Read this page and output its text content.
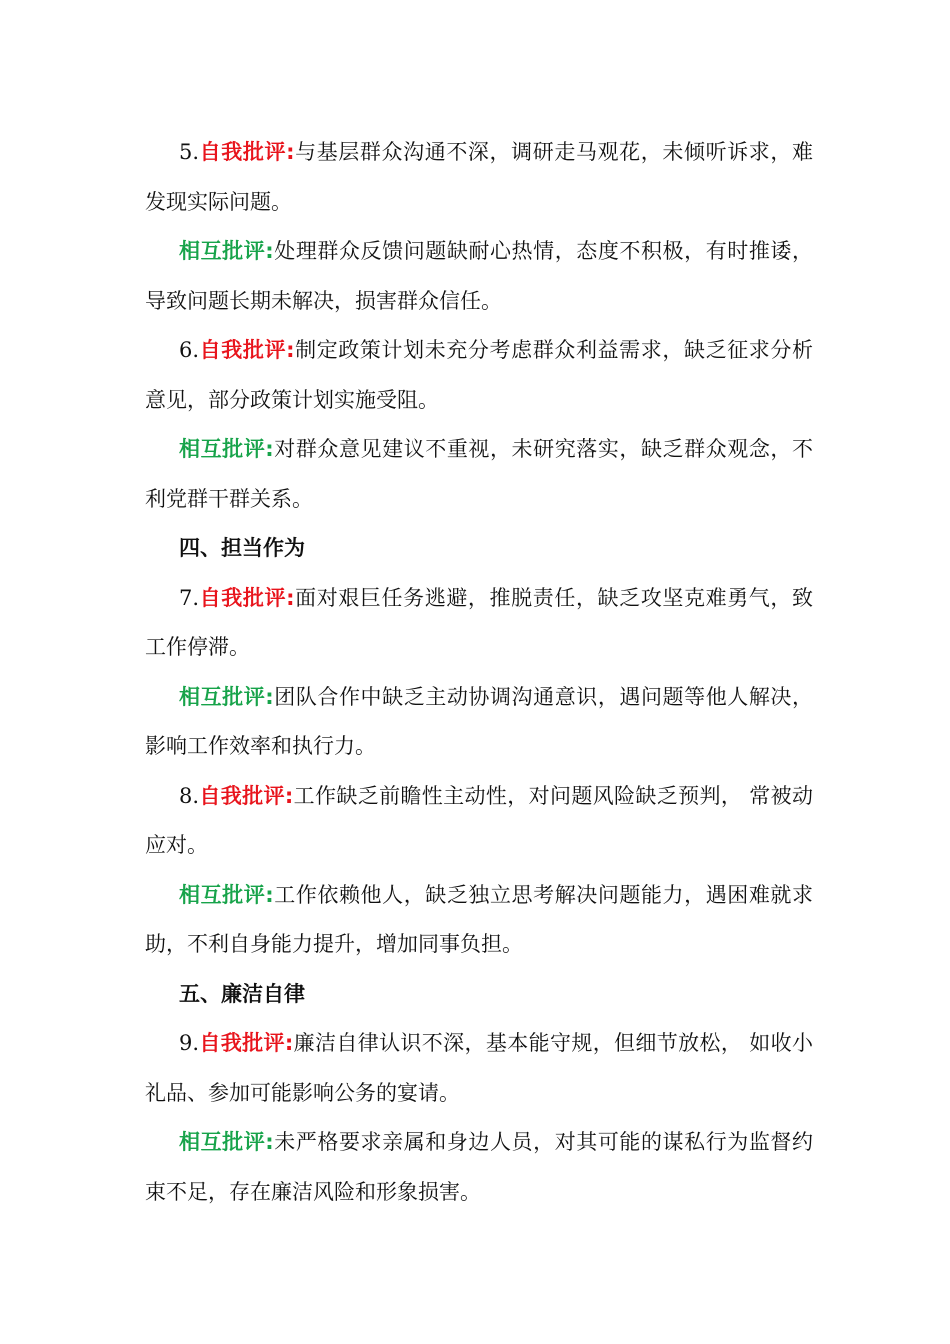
5.自我批评:与基层群众沟通不深，调研走马观花，未倾听诉求，难发现实际问题。

相互批评:处理群众反馈问题缺耐心热情，态度不积极，有时推诿，导致问题长期未解决，损害群众信任。

6.自我批评:制定政策计划未充分考虑群众利益需求，缺乏征求分析意见，部分政策计划实施受阻。

相互批评:对群众意见建议不重视，未研究落实，缺乏群众观念，不利党群干群关系。

四、担当作为

7.自我批评:面对艰巨任务逃避，推脱责任，缺乏攻坚克难勇气，致工作停滞。

相互批评:团队合作中缺乏主动协调沟通意识，遇问题等他人解决，影响工作效率和执行力。

8.自我批评:工作缺乏前瞻性主动性，对问题风险缺乏预判， 常被动应对。

相互批评:工作依赖他人，缺乏独立思考解决问题能力，遇困难就求助，不利自身能力提升，增加同事负担。

五、廉洁自律

9.自我批评:廉洁自律认识不深，基本能守规，但细节放松， 如收小礼品、参加可能影响公务的宴请。

相互批评:未严格要求亲属和身边人员，对其可能的谋私行为监督约束不足，存在廉洁风险和形象损害。
